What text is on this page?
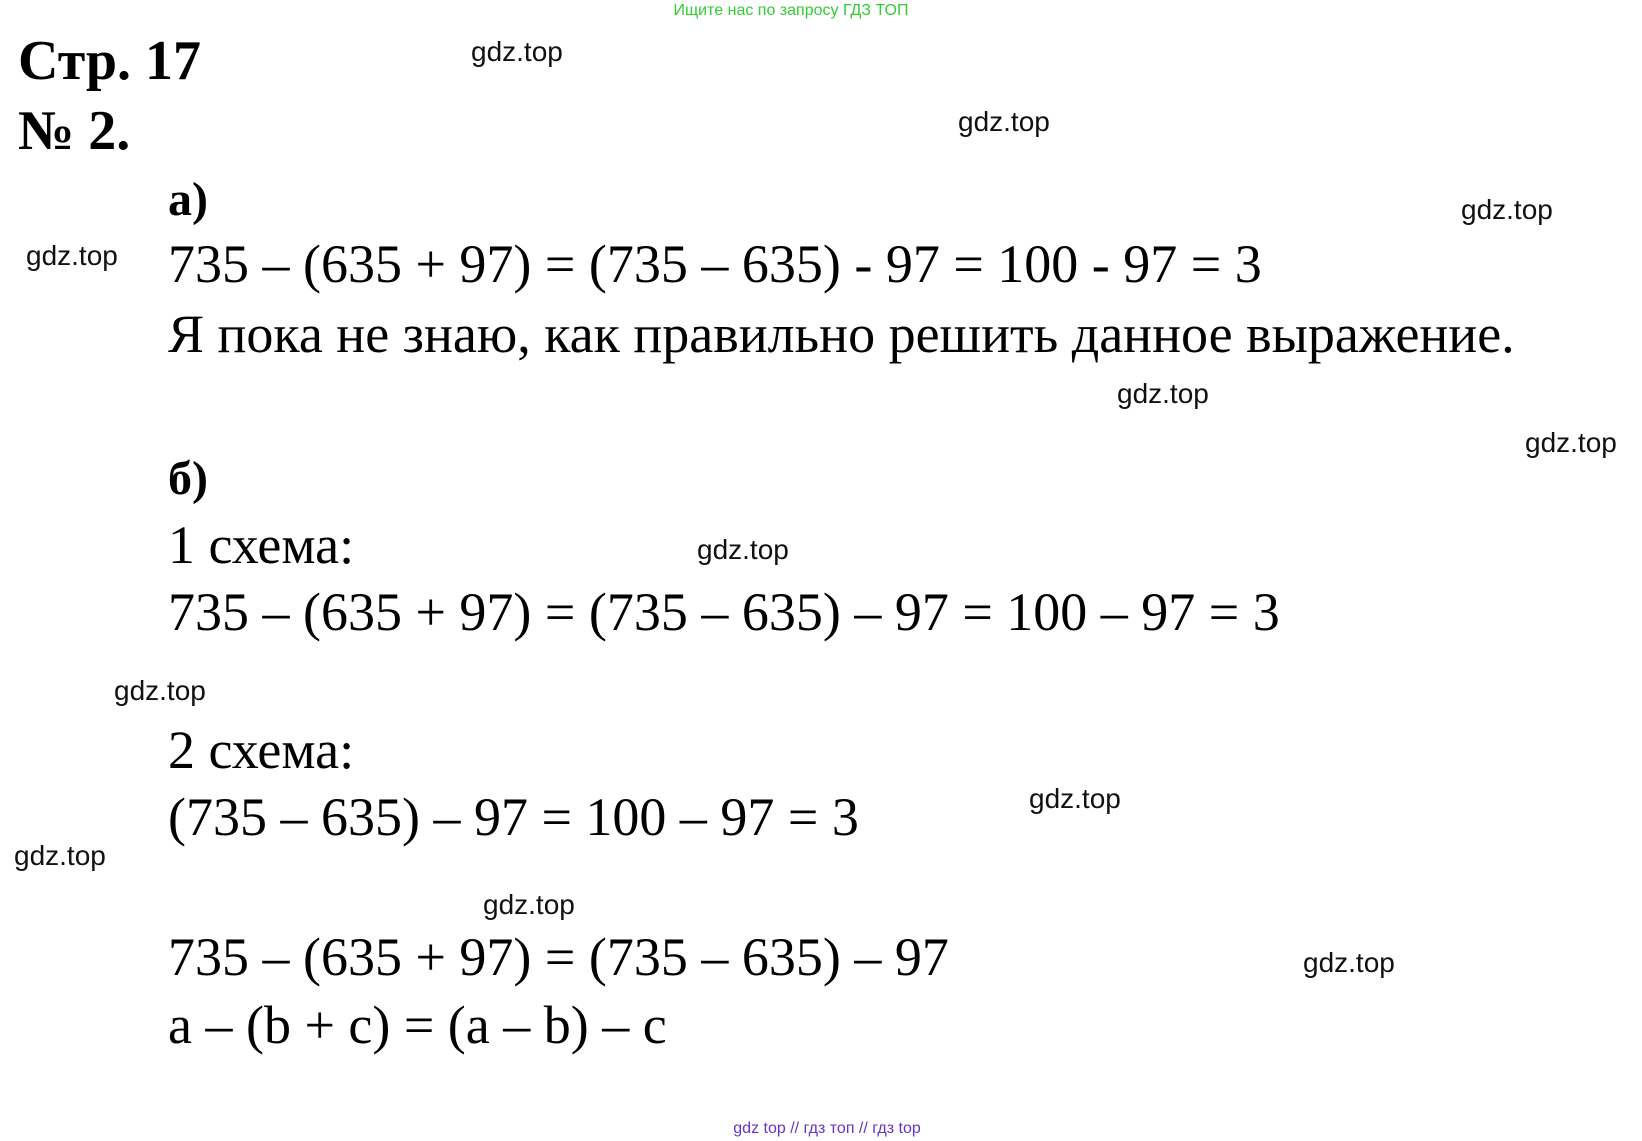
Ищите нас по запросу ГДЗ ТОП
Стр. 17
№ 2.
а)
735 – (635 + 97) = (735 – 635) - 97 = 100 - 97 = 3
Я пока не знаю, как правильно решить данное выражение.
б)
1 схема:
735 – (635 + 97) = (735 – 635) – 97 = 100 – 97 = 3
2 схема:
(735 – 635) – 97 = 100 – 97 = 3
735 – (635 + 97) = (735 – 635) – 97
a – (b + c) = (a – b) – c
gdz.top
gdz.top
gdz.top
gdz.top
gdz.top
gdz.top
gdz.top
gdz.top
gdz.top
gdz.top
gdz.top
gdz.top
gdz top // гдз топ // гдз top
